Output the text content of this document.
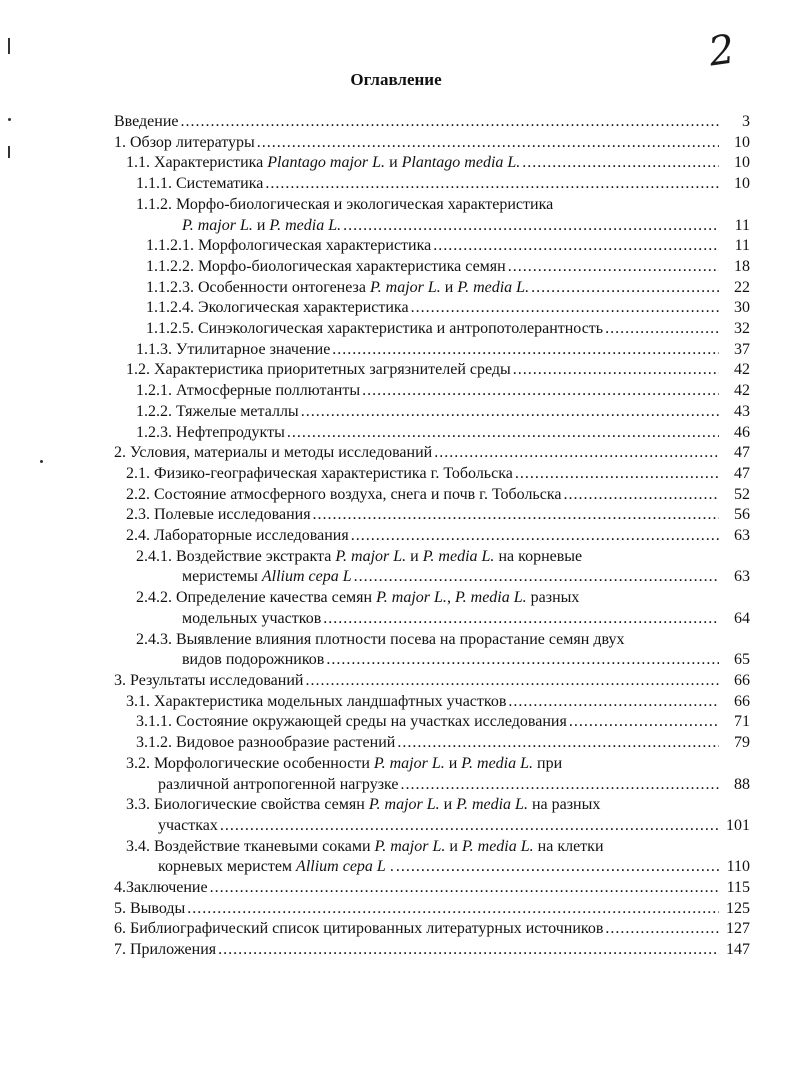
2
Оглавление
Введение .....	3
1. Обзор литературы .....	10
1.1. Характеристика Plantago major L. и Plantago media L. .....	10
1.1.1. Систематика .....	10
1.1.2. Морфо-биологическая и экологическая характеристика
P. major L. и P. media L. .....	11
1.1.2.1. Морфологическая характеристика .....	11
1.1.2.2. Морфо-биологическая характеристика семян .....	18
1.1.2.3. Особенности онтогенеза P. major L. и P. media L. .....	22
1.1.2.4. Экологическая характеристика .....	30
1.1.2.5. Синэкологическая характеристика и антропотолерантность .....	32
1.1.3. Утилитарное значение .....	37
1.2. Характеристика приоритетных загрязнителей среды .....	42
1.2.1. Атмосферные поллютанты .....	42
1.2.2. Тяжелые металлы .....	43
1.2.3. Нефтепродукты .....	46
2. Условия, материалы и методы исследований .....	47
2.1. Физико-географическая характеристика г. Тобольска .....	47
2.2. Состояние атмосферного воздуха, снега и почв г. Тобольска .....	52
2.3. Полевые исследования .....	56
2.4. Лабораторные исследования .....	63
2.4.1. Воздействие экстракта P. major L. и P. media L. на корневые
меристемы Allium cepa L .....	63
2.4.2. Определение качества семян P. major L., P. media L. разных
модельных участков .....	64
2.4.3. Выявление влияния плотности посева на прорастание семян двух
видов подорожников .....	65
3. Результаты исследований .....	66
3.1. Характеристика модельных ландшафтных участков .....	66
3.1.1. Состояние окружающей среды на участках исследования .....	71
3.1.2. Видовое разнообразие растений .....	79
3.2. Морфологические особенности P. major L. и P. media L. при
различной антропогенной нагрузке .....	88
3.3. Биологические свойства семян P. major L. и P. media L. на разных
участках .....	101
3.4. Воздействие тканевыми соками P. major L. и P. media L. на клетки
корневых меристем Allium cepa L . .....	110
4.Заключение .....	115
5. Выводы .....	125
6. Библиографический список цитированных литературных источников .....	127
7. Приложения .....	147
